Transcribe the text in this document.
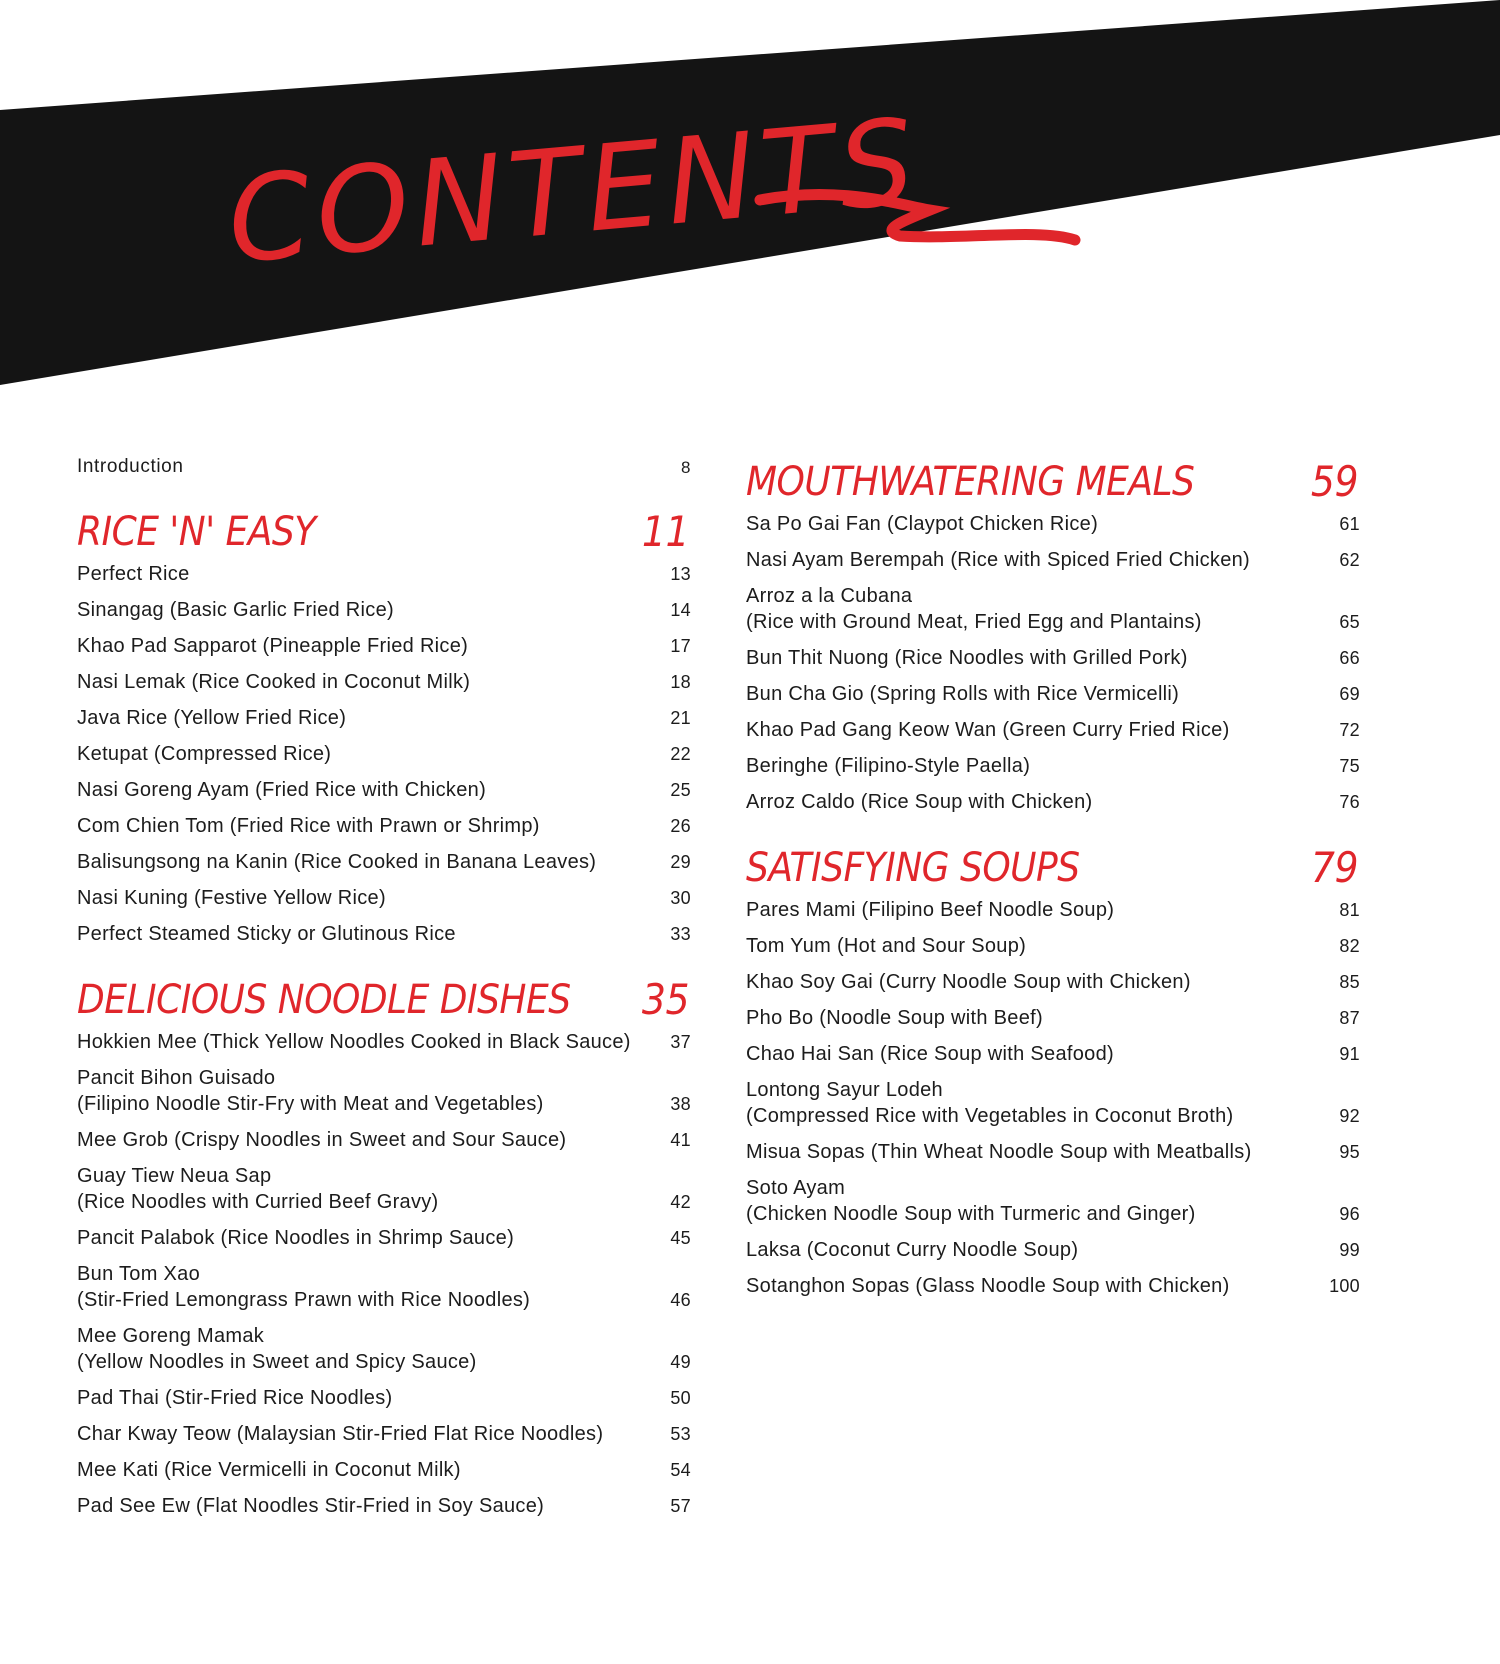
CONTENTS
Introduction	8
RICE 'N' EASY	11
Perfect Rice	13
Sinangag (Basic Garlic Fried Rice)	14
Khao Pad Sapparot (Pineapple Fried Rice)	17
Nasi Lemak (Rice Cooked in Coconut Milk)	18
Java Rice (Yellow Fried Rice)	21
Ketupat (Compressed Rice)	22
Nasi Goreng Ayam (Fried Rice with Chicken)	25
Com Chien Tom (Fried Rice with Prawn or Shrimp)	26
Balisungsong na Kanin (Rice Cooked in Banana Leaves)	29
Nasi Kuning (Festive Yellow Rice)	30
Perfect Steamed Sticky or Glutinous Rice	33
DELICIOUS NOODLE DISHES 35
Hokkien Mee (Thick Yellow Noodles Cooked in Black Sauce)	37
Pancit Bihon Guisado
(Filipino Noodle Stir-Fry with Meat and Vegetables)	38
Mee Grob (Crispy Noodles in Sweet and Sour Sauce)	41
Guay Tiew Neua Sap
(Rice Noodles with Curried Beef Gravy)	42
Pancit Palabok (Rice Noodles in Shrimp Sauce)	45
Bun Tom Xao
(Stir-Fried Lemongrass Prawn with Rice Noodles)	46
Mee Goreng Mamak
(Yellow Noodles in Sweet and Spicy Sauce)	49
Pad Thai (Stir-Fried Rice Noodles)	50
Char Kway Teow (Malaysian Stir-Fried Flat Rice Noodles)	53
Mee Kati (Rice Vermicelli in Coconut Milk)	54
Pad See Ew (Flat Noodles Stir-Fried in Soy Sauce)	57
MOUTHWATERING MEALS	59
Sa Po Gai Fan (Claypot Chicken Rice)	61
Nasi Ayam Berempah (Rice with Spiced Fried Chicken)	62
Arroz a la Cubana
(Rice with Ground Meat, Fried Egg and Plantains)	65
Bun Thit Nuong (Rice Noodles with Grilled Pork)	66
Bun Cha Gio (Spring Rolls with Rice Vermicelli)	69
Khao Pad Gang Keow Wan (Green Curry Fried Rice)	72
Beringhe (Filipino-Style Paella)	75
Arroz Caldo (Rice Soup with Chicken)	76
SATISFYING SOUPS	79
Pares Mami (Filipino Beef Noodle Soup)	81
Tom Yum (Hot and Sour Soup)	82
Khao Soy Gai (Curry Noodle Soup with Chicken)	85
Pho Bo (Noodle Soup with Beef)	87
Chao Hai San (Rice Soup with Seafood)	91
Lontong Sayur Lodeh
(Compressed Rice with Vegetables in Coconut Broth)	92
Misua Sopas (Thin Wheat Noodle Soup with Meatballs)	95
Soto Ayam
(Chicken Noodle Soup with Turmeric and Ginger)	96
Laksa (Coconut Curry Noodle Soup)	99
Sotanghon Sopas (Glass Noodle Soup with Chicken)	100
